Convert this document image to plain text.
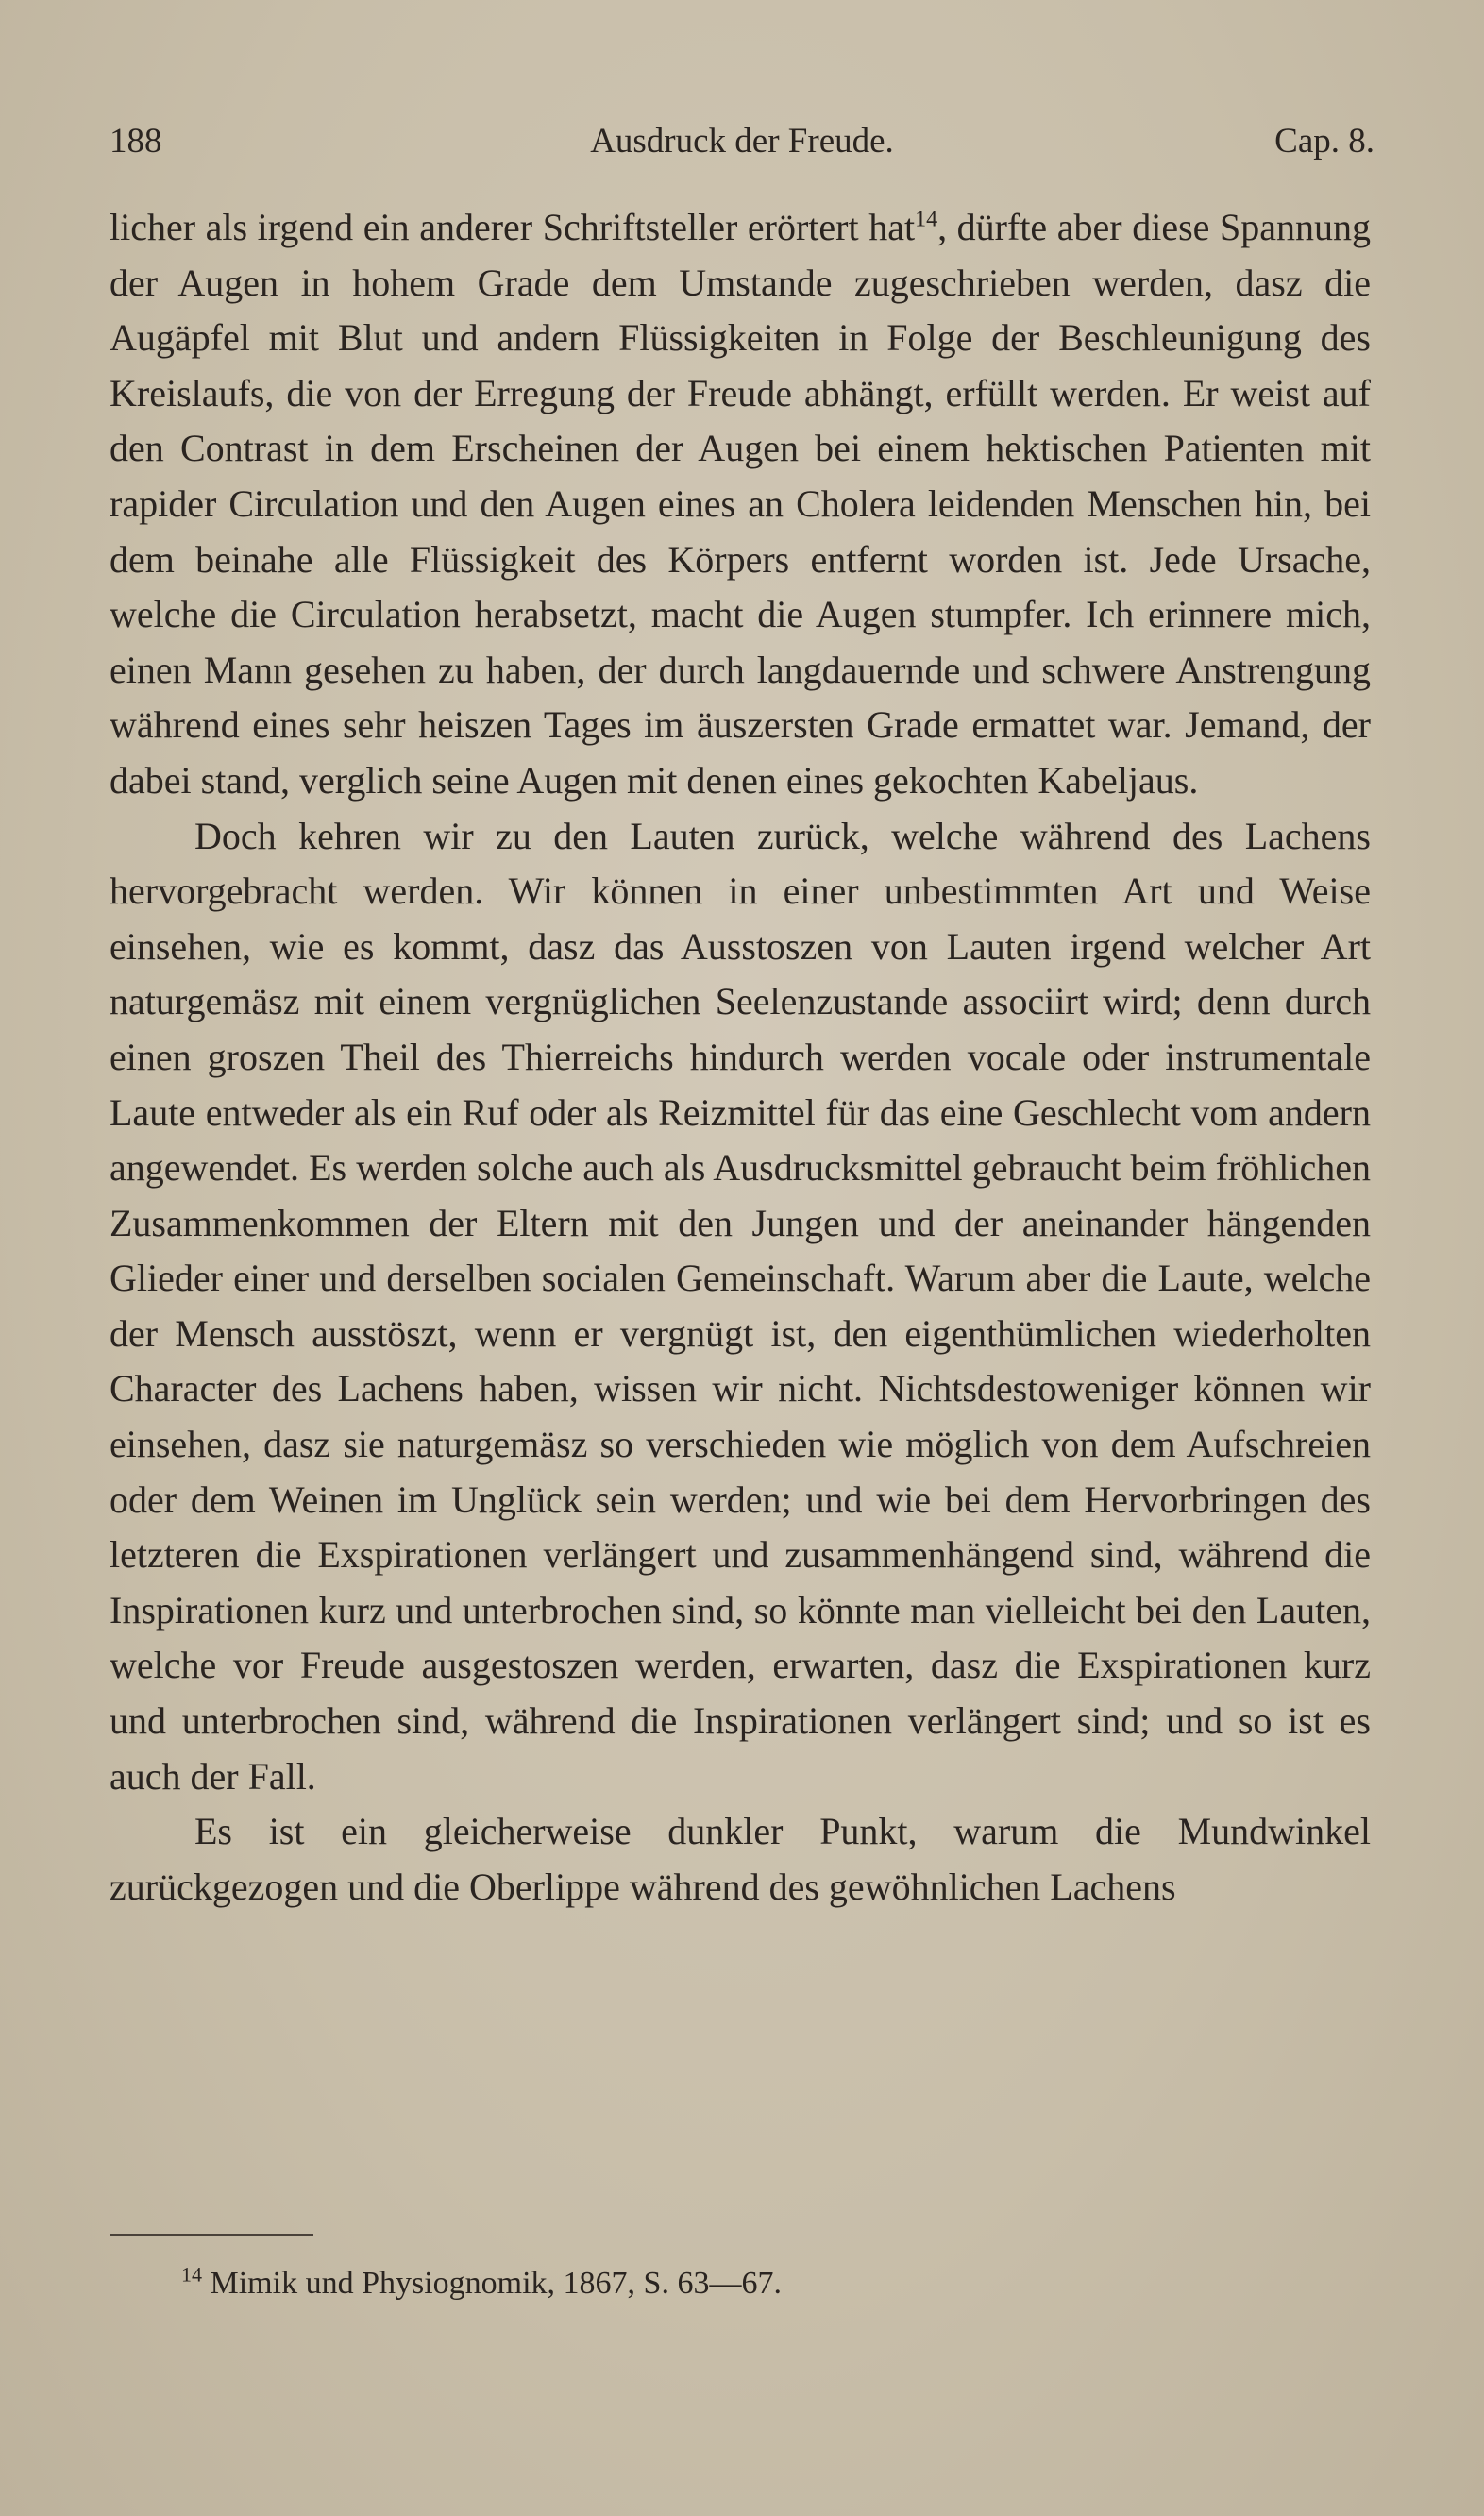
188	Ausdruck der Freude.	Cap. 8.

licher als irgend ein anderer Schriftsteller erörtert hat$^{14}$, dürfte aber diese Spannung der Augen in hohem Grade dem Umstande zugeschrieben werden, dasz die Augäpfel mit Blut und andern Flüssigkeiten in Folge der Beschleunigung des Kreislaufs, die von der Erregung der Freude abhängt, erfüllt werden. Er weist auf den Contrast in dem Erscheinen der Augen bei einem hektischen Patienten mit rapider Circulation und den Augen eines an Cholera leidenden Menschen hin, bei dem beinahe alle Flüssigkeit des Körpers entfernt worden ist. Jede Ursache, welche die Circulation herabsetzt, macht die Augen stumpfer. Ich erinnere mich, einen Mann gesehen zu haben, der durch langdauernde und schwere Anstrengung während eines sehr heiszen Tages im äuszersten Grade ermattet war. Jemand, der dabei stand, verglich seine Augen mit denen eines gekochten Kabeljaus.

Doch kehren wir zu den Lauten zurück, welche während des Lachens hervorgebracht werden. Wir können in einer unbestimmten Art und Weise einsehen, wie es kommt, dasz das Ausstoszen von Lauten irgend welcher Art naturgemäsz mit einem vergnüglichen Seelenzustande associirt wird; denn durch einen groszen Theil des Thierreichs hindurch werden vocale oder instrumentale Laute entweder als ein Ruf oder als Reizmittel für das eine Geschlecht vom andern angewendet. Es werden solche auch als Ausdrucksmittel gebraucht beim fröhlichen Zusammenkommen der Eltern mit den Jungen und der aneinander hängenden Glieder einer und derselben socialen Gemeinschaft. Warum aber die Laute, welche der Mensch ausstöszt, wenn er vergnügt ist, den eigenthümlichen wiederholten Character des Lachens haben, wissen wir nicht. Nichtsdestoweniger können wir einsehen, dasz sie naturgemäsz so verschieden wie möglich von dem Aufschreien oder dem Weinen im Unglück sein werden; und wie bei dem Hervorbringen des letzteren die Exspirationen verlängert und zusammenhängend sind, während die Inspirationen kurz und unterbrochen sind, so könnte man vielleicht bei den Lauten, welche vor Freude ausgestoszen werden, erwarten, dasz die Exspirationen kurz und unterbrochen sind, während die Inspirationen verlängert sind; und so ist es auch der Fall.

Es ist ein gleicherweise dunkler Punkt, warum die Mundwinkel zurückgezogen und die Oberlippe während des gewöhnlichen Lachens

$^{14}$ Mimik und Physiognomik, 1867, S. 63—67.
